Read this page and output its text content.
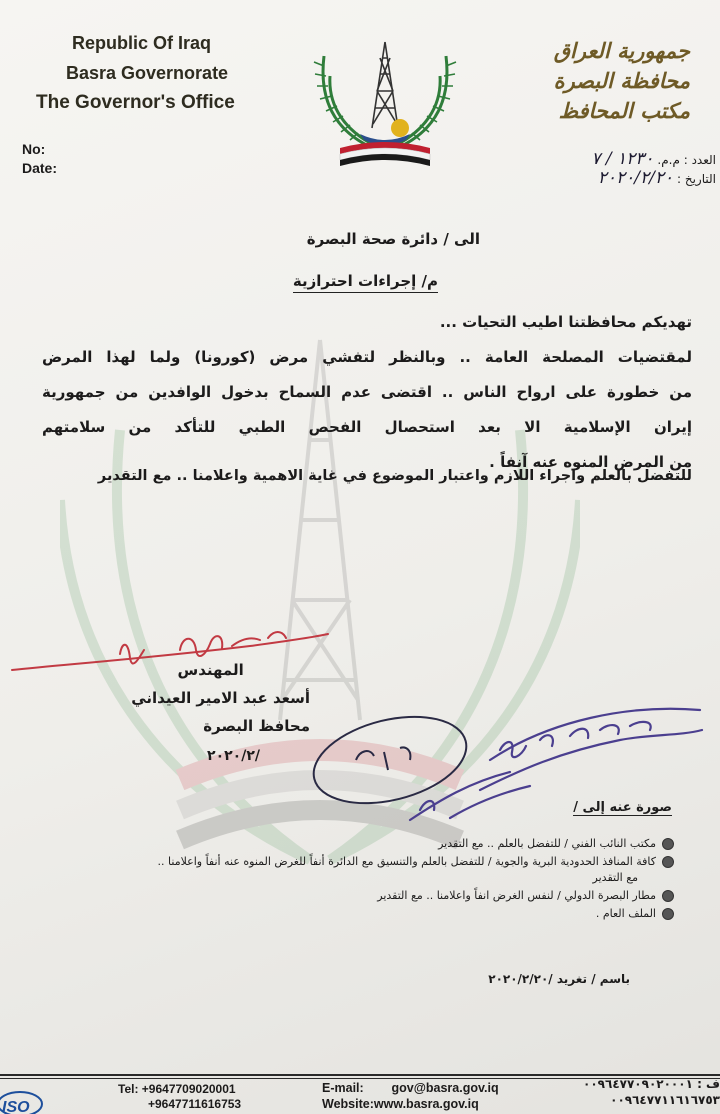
Republic Of Iraq
Basra Governorate
The Governor's Office
No:
Date:
جمهورية العراق
محافظة البصرة
مكتب المحافظ
العدد : م.م. ١٢٣٠ / ٧
التاريخ : ٢٠٢٠/٢/٢٠
الى / دائرة صحة البصرة
م/ إجراءات احترازية

تهديكم محافظتنا اطيب التحيات ...

لمقتضيات المصلحة العامة .. وبالنظر لتفشي مرض (كورونا) ولما لهذا المرض

من خطورة على ارواح الناس .. اقتضى عدم السماح بدخول الوافدين من جمهورية

إيران الإسلامية الا بعد استحصال الفحص الطبي للتأكد من سلامتهم

من المرض المنوه عنه آنفاً .

للتفضل بالعلم واجراء اللازم واعتبار الموضوع في غاية الاهمية واعلامنا .. مع التقدير
المهندس
أسعد عبد الامير العيداني
محافظ البصرة
/٢٠٢٠/٢
صورة عنه إلى /
مكتب النائب الفني / للتفضل بالعلم .. مع التقدير
كافة المنافذ الحدودية البرية والجوية / للتفضل بالعلم والتنسيق مع الدائرة أنفاً للغرض المنوه عنه أنفاً واعلامنا ..
مع التقدير
مطار البصرة الدولي / لنفس الغرض انفاً واعلامنا .. مع التقدير
الملف العام .
باسم / تغريد /٢٠٢٠/٢/٢٠
ISO
Tel: +9647709020001
+9647711616753
E-mail: gov@basra.gov.iq
Website:www.basra.gov.iq
ف : ٠٠٩٦٤٧٧٠٩٠٢٠٠٠١
٠٠٩٦٤٧٧١١٦١٦٧٥٣
